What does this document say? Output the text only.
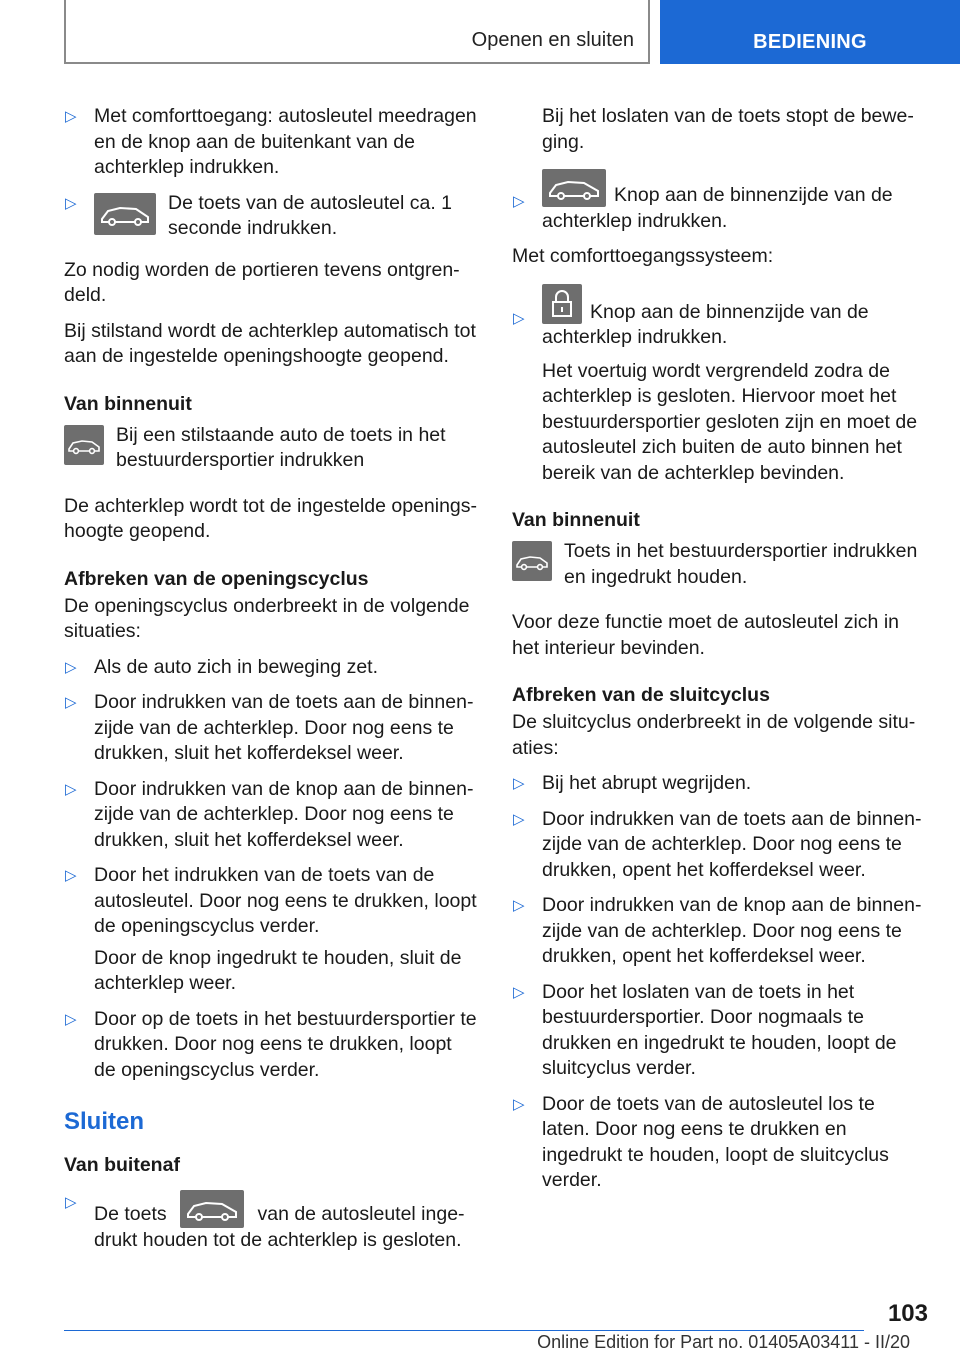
Openen en sluiten	BEDIENING
▷ Met comforttoegang: autosleutel meedragen en de knop aan de buitenkant van de achterklep indrukken.

▷	De toets van de autosleutel ca. 1 seconde indrukken.

Zo nodig worden de portieren tevens ontgrendeld.

Bij stilstand wordt de achterklep automatisch tot aan de ingestelde openingshoogte geopend.

Van binnenuit

Bij een stilstaande auto de toets in het bestuurdersportier indrukken

De achterklep wordt tot de ingestelde openingshoogte geopend.

Afbreken van de openingscyclus

De openingscyclus onderbreekt in de volgende situaties:

▷ Als de auto zich in beweging zet.

▷ Door indrukken van de toets aan de binnenzijde van de achterklep. Door nog eens te drukken, sluit het kofferdeksel weer.

▷ Door indrukken van de knop aan de binnenzijde van de achterklep. Door nog eens te drukken, sluit het kofferdeksel weer.

▷ Door het indrukken van de toets van de autosleutel. Door nog eens te drukken, loopt de openingscyclus verder.

Door de knop ingedrukt te houden, sluit de achterklep weer.

▷ Door op de toets in het bestuurdersportier te drukken. Door nog eens te drukken, loopt de openingscyclus verder.

Sluiten
Van buitenaf
▷

De toets	van de autosleutel ingedrukt houden tot de achterklep is gesloten.

Bij het loslaten van de toets stopt de beweging.

▷	Knop aan de binnenzijde van de achterklep indrukken.

Met comforttoegangssysteem:

▷	Knop aan de binnenzijde van de achterklep indrukken.

Het voertuig wordt vergrendeld zodra de achterklep is gesloten. Hiervoor moet het bestuurdersportier gesloten zijn en moet de autosleutel zich buiten de auto binnen het bereik van de achterklep bevinden.

Van binnenuit

Toets in het bestuurdersportier indrukken en ingedrukt houden.

Voor deze functie moet de autosleutel zich in het interieur bevinden.

Afbreken van de sluitcyclus

De sluitcyclus onderbreekt in de volgende situaties:

▷ Bij het abrupt wegrijden.

▷ Door indrukken van de toets aan de binnenzijde van de achterklep. Door nog eens te drukken, opent het kofferdeksel weer.

▷ Door indrukken van de knop aan de binnenzijde van de achterklep. Door nog eens te drukken, opent het kofferdeksel weer.

▷ Door het loslaten van de toets in het bestuurdersportier. Door nogmaals te drukken en ingedrukt te houden, loopt de sluitcyclus verder.

▷ Door de toets van de autosleutel los te laten. Door nog eens te drukken en ingedrukt te houden, loopt de sluitcyclus verder.

103
Online Edition for Part no. 01405A03411 - II/20
